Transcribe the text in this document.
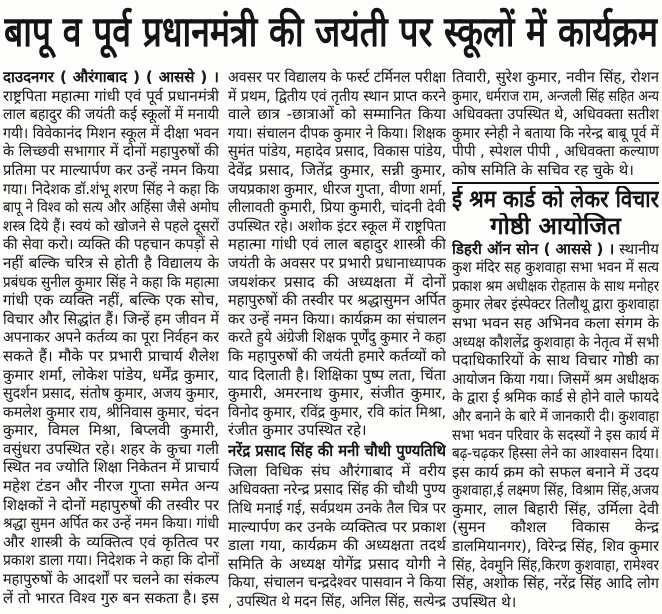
बापू व पूर्व प्रधानमंत्री की जयंती पर स्कूलों में कार्यक्रम
दाउदनगर ( औरंगाबाद ) ( आससे ) ।
राष्ट्रपिता महात्मा गांधी एवं पूर्व प्रधानमंत्री
लाल बहादुर की जयंती कई स्कूलों में मनायी
गयी। विवेकानंद मिशन स्कूल में दीक्षा भवन
के लिच्छवी सभागार में दोनों महापुरुषों की
प्रतिमा पर माल्यार्पण कर उन्हें नमन किया
गया। निदेशक डॉ.शंभू शरण सिंह ने कहा कि
बापू ने विश्व को सत्य और अहिंसा जैसे अमोघ
शस्त्र दिये हैं। स्वयं को खोजने से पहले दूसरों
की सेवा करो। व्यक्ति की पहचान कपड़ों से
नहीं बल्कि चरित्र से होती है विद्यालय के
प्रबंधक सुनील कुमार सिंह ने कहा कि महात्मा
गांधी एक व्यक्ति नहीं, बल्कि एक सोच,
विचार और सिद्धांत हैं। जिन्हें हम जीवन में
अपनाकर अपने कर्तव्य का पूरा निर्वहन कर
सकते हैं। मौके पर प्रभारी प्राचार्य शैलेश
कुमार शर्मा, लोकेश पांडेय, धर्मेंद्र कुमार,
सुदर्शन प्रसाद, संतोष कुमार, अजय कुमार,
कमलेश कुमार राय, श्रीनिवास कुमार, चंदन
कुमार, विमल मिश्रा, बिप्लवी कुमारी,
वसुंधरा उपस्थित रहे। शहर के कुचा गली
स्थित नव ज्योति शिक्षा निकेतन में प्राचार्य
महेश टंडन और नीरज गुप्ता समेत अन्य
शिक्षकों ने दोनों महापुरुषों की तस्वीर पर
श्रद्धा सुमन अर्पित कर उन्हें नमन किया। गांधी
और शास्त्री के व्यक्तित्व एवं कृतित्व पर
प्रकाश डाला गया। निदेशक ने कहा कि दोनों
महापुरुषों के आदर्शों पर चलने का संकल्प
लें तो भारत विश्व गुरु बन सकता है। इस
अवसर पर विद्यालय के फर्स्ट टर्मिनल परीक्षा
में प्रथम, द्वितीय एवं तृतीय स्थान प्राप्त करने
वाले छात्र -छात्राओं को सम्मानित किया
गया। संचालन दीपक कुमार ने किया। शिक्षक
सुमंत पांडेय, महादेव प्रसाद, विकास पांडेय,
देवेंद्र प्रसाद, जितेंद्र कुमार, सन्नी कुमार,
जयप्रकाश कुमार, धीरज गुप्ता, वीणा शर्मा,
लीलावती कुमारी, प्रिया कुमारी, चांदनी देवी
उपस्थित रहे। अशोक इंटर स्कूल में राष्ट्रपिता
महात्मा गांधी एवं लाल बहादुर शास्त्री की
जयंती के अवसर पर प्रभारी प्रधानाध्यापक
जयशंकर प्रसाद की अध्यक्षता में दोनों
महापुरुषों की तस्वीर पर श्रद्धासुमन अर्पित
कर उन्हें नमन किया। कार्यक्रम का संचालन
करते हुये अंग्रेजी शिक्षक पूर्णेंदु कुमार ने कहा
कि महापुरुषों की जयंती हमारे कर्तव्यों को
याद दिलाती है। शिक्षिका पुष्प लता, चिंता
कुमारी, अमरनाथ कुमार, संजीत कुमार,
विनोद कुमार, रविंद्र कुमार, रवि कांत मिश्रा,
रंजीत कुमार उपस्थित रहे।
नरेंद्र प्रसाद सिंह की मनी चौथी पुण्यतिथि
जिला विधिक संघ औरंगाबाद में वरीय
अधिवक्ता नरेन्द्र प्रसाद सिंह की चौथी पुण्य
तिथि मनाई गई, सर्वप्रथम उनके तैल चित्र पर
माल्यार्पण कर उनके व्यक्तित्व पर प्रकाश
डाला गया, कार्यक्रम की अध्यक्षता तदर्थ
समिति के अध्यक्ष योगेंद्र प्रसाद योगी ने
किया, संचालन चन्द्रदेश्वर पासवान ने किया
, उपस्थित थे मदन सिंह, अनिल सिंह, सत्येन्द्र
तिवारी, सुरेश कुमार, नवीन सिंह, रोशन
कुमार, धर्मराज राम, अन्जली सिंह सहित अन्य
अधिवक्ता उपस्थित थे, अधिवक्ता सतीश
कुमार स्नेही ने बताया कि नरेन्द्र बाबू पूर्व में
पीपी , स्पेशल पीपी , अधिवक्ता कल्याण
कोष समिति के सचिव रह चुके थे।
ई श्रम कार्ड को लेकर विचार
गोष्ठी आयोजित
डिहरी ऑन सोन ( आससे ) । स्थानीय
कुश मंदिर सह कुशवाहा सभा भवन में सत्य
प्रकाश श्रम अधीक्षक रोहतास के साथ मनोहर
कुमार लेबर इंस्पेक्टर तिलौथू द्वारा कुशवाहा
सभा भवन सह अभिनव कला संगम के
अध्यक्ष कौशलेंद्र कुशवाहा के नेतृत्व में सभी
पदाधिकारियों के साथ विचार गोष्ठी का
आयोजन किया गया। जिसमें श्रम अधीक्षक
के द्वारा ई श्रमिक कार्ड से होने वाले फायदे
और बनाने के बारे में जानकारी दी। कुशवाहा
सभा भवन परिवार के सदस्यों ने इस कार्य में
बढ़-चढ़कर हिस्सा लेने का आश्वासन दिया।
इस कार्य क्रम को सफल बनाने में उदय
कुशवाहा,ई लक्ष्मण सिंह, विश्राम सिंह,अजय
कुमार, लाल बिहारी सिंह, उर्मिला देवी
(सुमन कौशल विकास केन्द्र
डालमियानगर), विरेन्द्र सिंह, शिव कुमार
सिंह, देवमुनि सिंह,किरण कुशवाहा, रामेश्वर
सिंह, अशोक सिंह, नरेंद्र सिंह आदि लोग
उपस्थित थे।
